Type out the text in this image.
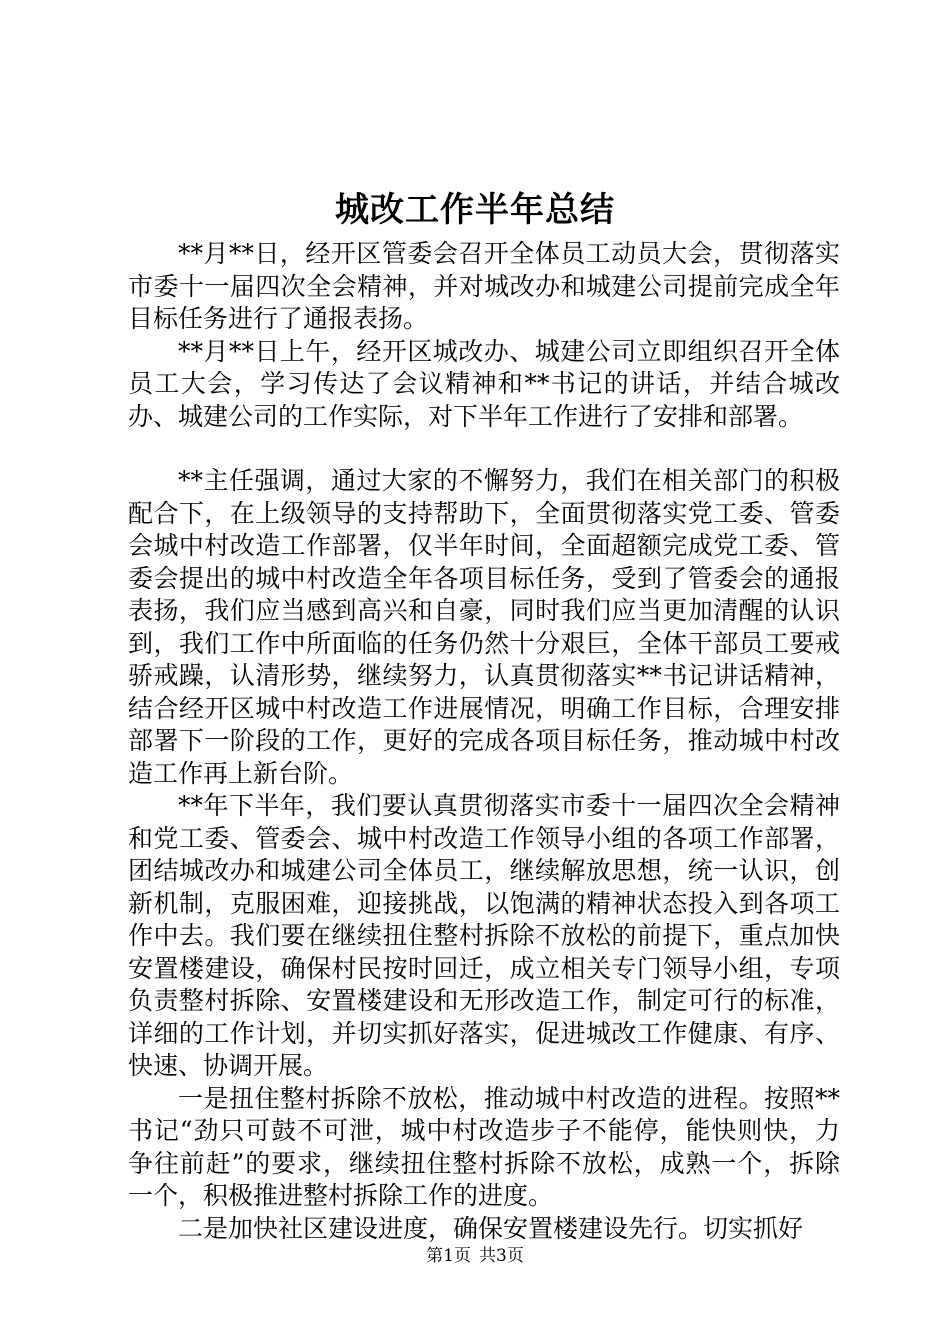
城改工作半年总结

**月**日，经开区管委会召开全体员工动员大会，贯彻落实市委十一届四次全会精神，并对城改办和城建公司提前完成全年目标任务进行了通报表扬。

**月**日上午，经开区城改办、城建公司立即组织召开全体员工大会，学习传达了会议精神和**书记的讲话，并结合城改办、城建公司的工作实际，对下半年工作进行了安排和部署。

**主任强调，通过大家的不懈努力，我们在相关部门的积极配合下，在上级领导的支持帮助下，全面贯彻落实党工委、管委会城中村改造工作部署，仅半年时间，全面超额完成党工委、管委会提出的城中村改造全年各项目标任务，受到了管委会的通报表扬，我们应当感到高兴和自豪，同时我们应当更加清醒的认识到，我们工作中所面临的任务仍然十分艰巨，全体干部员工要戒骄戒躁，认清形势，继续努力，认真贯彻落实**书记讲话精神，结合经开区城中村改造工作进展情况，明确工作目标，合理安排部署下一阶段的工作，更好的完成各项目标任务，推动城中村改造工作再上新台阶。

**年下半年，我们要认真贯彻落实市委十一届四次全会精神和党工委、管委会、城中村改造工作领导小组的各项工作部署，团结城改办和城建公司全体员工，继续解放思想，统一认识，创新机制，克服困难，迎接挑战，以饱满的精神状态投入到各项工作中去。我们要在继续扭住整村拆除不放松的前提下，重点加快安置楼建设，确保村民按时回迁，成立相关专门领导小组，专项负责整村拆除、安置楼建设和无形改造工作，制定可行的标准，详细的工作计划，并切实抓好落实，促进城改工作健康、有序、快速、协调开展。

一是扭住整村拆除不放松，推动城中村改造的进程。按照**书记“劲只可鼓不可泄，城中村改造步子不能停，能快则快，力争往前赶”的要求，继续扭住整村拆除不放松，成熟一个，拆除一个，积极推进整村拆除工作的进度。

二是加快社区建设进度，确保安置楼建设先行。切实抓好

第1页 共3页
